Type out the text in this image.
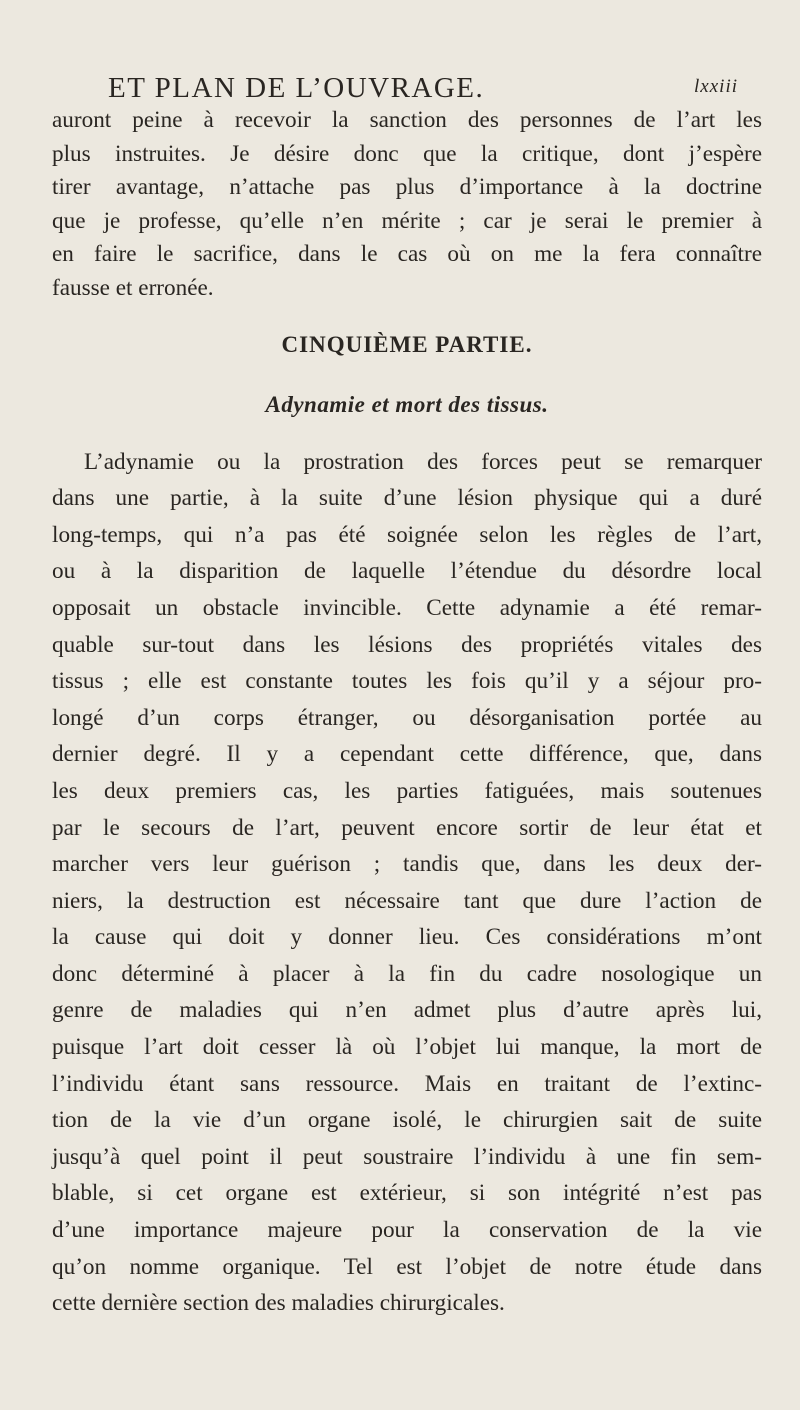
ET PLAN DE L’OUVRAGE.	lxxiii

auront peine à recevoir la sanction des personnes de l’art les
plus instruites. Je désire donc que la critique, dont j’espère
tirer avantage, n’attache pas plus d’importance à la doctrine
que je professe, qu’elle n’en mérite ; car je serai le premier à
en faire le sacrifice, dans le cas où on me la fera connaître
fausse et erronée.

CINQUIÈME PARTIE.
Adynamie et mort des tissus.

L’adynamie ou la prostration des forces peut se remarquer
dans une partie, à la suite d’une lésion physique qui a duré
long-temps, qui n’a pas été soignée selon les règles de l’art,
ou à la disparition de laquelle l’étendue du désordre local
opposait un obstacle invincible. Cette adynamie a été remar-
quable sur-tout dans les lésions des propriétés vitales des
tissus ; elle est constante toutes les fois qu’il y a séjour pro-
longé d’un corps étranger, ou désorganisation portée au
dernier degré. Il y a cependant cette différence, que, dans
les deux premiers cas, les parties fatiguées, mais soutenues
par le secours de l’art, peuvent encore sortir de leur état et
marcher vers leur guérison ; tandis que, dans les deux der-
niers, la destruction est nécessaire tant que dure l’action de
la cause qui doit y donner lieu. Ces considérations m’ont
donc déterminé à placer à la fin du cadre nosologique un
genre de maladies qui n’en admet plus d’autre après lui,
puisque l’art doit cesser là où l’objet lui manque, la mort de
l’individu étant sans ressource. Mais en traitant de l’extinc-
tion de la vie d’un organe isolé, le chirurgien sait de suite
jusqu’à quel point il peut soustraire l’individu à une fin sem-
blable, si cet organe est extérieur, si son intégrité n’est pas
d’une importance majeure pour la conservation de la vie
qu’on nomme organique. Tel est l’objet de notre étude dans
cette dernière section des maladies chirurgicales.
